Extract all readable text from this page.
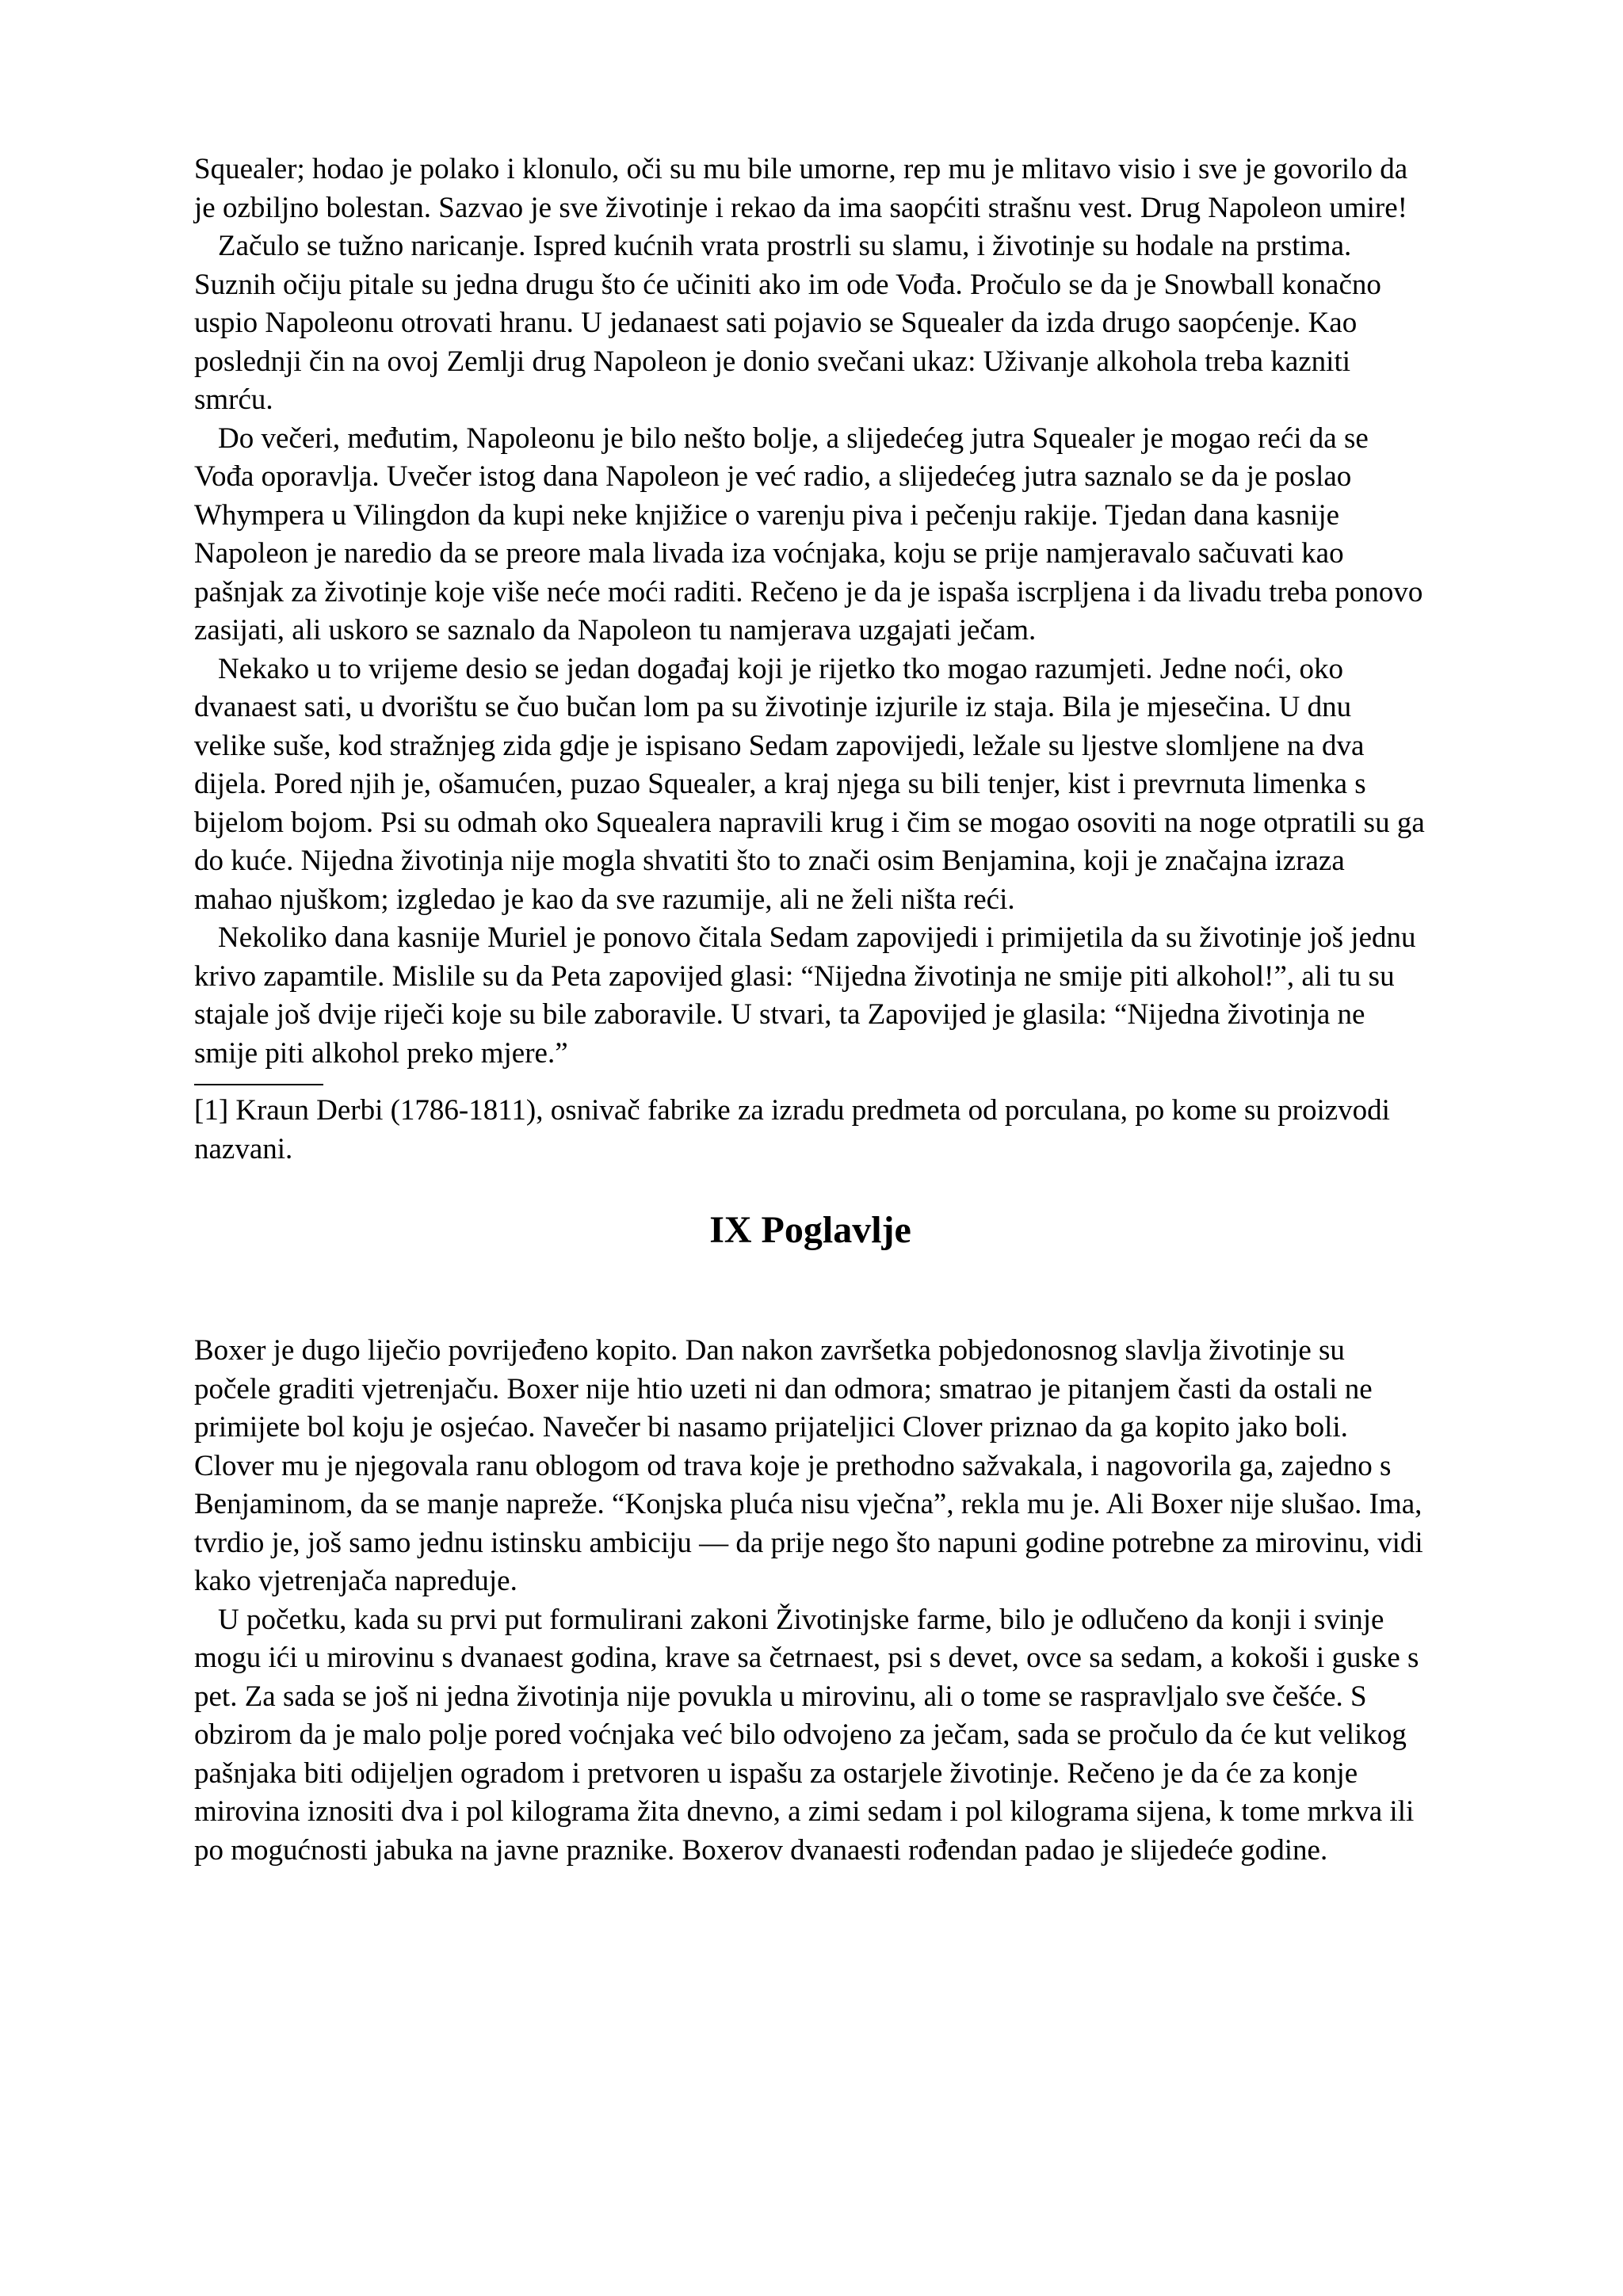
Squealer; hodao je polako i klonulo, oči su mu bile umorne, rep mu je mlitavo visio i sve je govorilo da je ozbiljno bolestan. Sazvao je sve životinje i rekao da ima saopćiti strašnu vest. Drug Napoleon umire!

Začulo se tužno naricanje. Ispred kućnih vrata prostrli su slamu, i životinje su hodale na prstima. Suznih očiju pitale su jedna drugu što će učiniti ako im ode Vođa. Pročulo se da je Snowball konačno uspio Napoleonu otrovati hranu. U jedanaest sati pojavio se Squealer da izda drugo saopćenje. Kao poslednji čin na ovoj Zemlji drug Napoleon je donio svečani ukaz: Uživanje alkohola treba kazniti smrću.

Do večeri, međutim, Napoleonu je bilo nešto bolje, a slijedećeg jutra Squealer je mogao reći da se Vođa oporavlja. Uvečer istog dana Napoleon je već radio, a slijedećeg jutra saznalo se da je poslao Whympera u Vilingdon da kupi neke knjižice o varenju piva i pečenju rakije. Tjedan dana kasnije Napoleon je naredio da se preore mala livada iza voćnjaka, koju se prije namjeravalo sačuvati kao pašnjak za životinje koje više neće moći raditi. Rečeno je da je ispaša iscrpljena i da livadu treba ponovo zasijati, ali uskoro se saznalo da Napoleon tu namjerava uzgajati ječam.

Nekako u to vrijeme desio se jedan događaj koji je rijetko tko mogao razumjeti. Jedne noći, oko dvanaest sati, u dvorištu se čuo bučan lom pa su životinje izjurile iz staja. Bila je mjesečina. U dnu velike suše, kod stražnjeg zida gdje je ispisano Sedam zapovijedi, ležale su ljestve slomljene na dva dijela. Pored njih je, ošamućen, puzao Squealer, a kraj njega su bili tenjer, kist i prevrnuta limenka s bijelom bojom. Psi su odmah oko Squealera napravili krug i čim se mogao osoviti na noge otpratili su ga do kuće. Nijedna životinja nije mogla shvatiti što to znači osim Benjamina, koji je značajna izraza mahao njuškom; izgledao je kao da sve razumije, ali ne želi ništa reći.

Nekoliko dana kasnije Muriel je ponovo čitala Sedam zapovijedi i primijetila da su životinje još jednu krivo zapamtile. Mislile su da Peta zapovijed glasi: “Nijedna životinja ne smije piti alkohol!”, ali tu su stajale još dvije riječi koje su bile zaboravile. U stvari, ta Zapovijed je glasila: “Nijedna životinja ne smije piti alkohol preko mjere.”

[1] Kraun Derbi (1786-1811), osnivač fabrike za izradu predmeta od porculana, po kome su proizvodi nazvani.

IX Poglavlje

Boxer je dugo liječio povrijeđeno kopito. Dan nakon završetka pobjedonosnog slavlja životinje su počele graditi vjetrenjaču. Boxer nije htio uzeti ni dan odmora; smatrao je pitanjem časti da ostali ne primijete bol koju je osjećao. Navečer bi nasamo prijateljici Clover priznao da ga kopito jako boli. Clover mu je njegovala ranu oblogom od trava koje je prethodno sažvakala, i nagovorila ga, zajedno s Benjaminom, da se manje napreže. “Konjska pluća nisu vječna”, rekla mu je. Ali Boxer nije slušao. Ima, tvrdio je, još samo jednu istinsku ambiciju — da prije nego što napuni godine potrebne za mirovinu, vidi kako vjetrenjača napreduje.

U početku, kada su prvi put formulirani zakoni Životinjske farme, bilo je odlučeno da konji i svinje mogu ići u mirovinu s dvanaest godina, krave sa četrnaest, psi s devet, ovce sa sedam, a kokoši i guske s pet. Za sada se još ni jedna životinja nije povukla u mirovinu, ali o tome se raspravljalo sve češće. S obzirom da je malo polje pored voćnjaka već bilo odvojeno za ječam, sada se pročulo da će kut velikog pašnjaka biti odijeljen ogradom i pretvoren u ispašu za ostarjele životinje. Rečeno je da će za konje mirovina iznositi dva i pol kilograma žita dnevno, a zimi sedam i pol kilograma sijena, k tome mrkva ili po mogućnosti jabuka na javne praznike. Boxerov dvanaesti rođendan padao je slijedeće godine.
